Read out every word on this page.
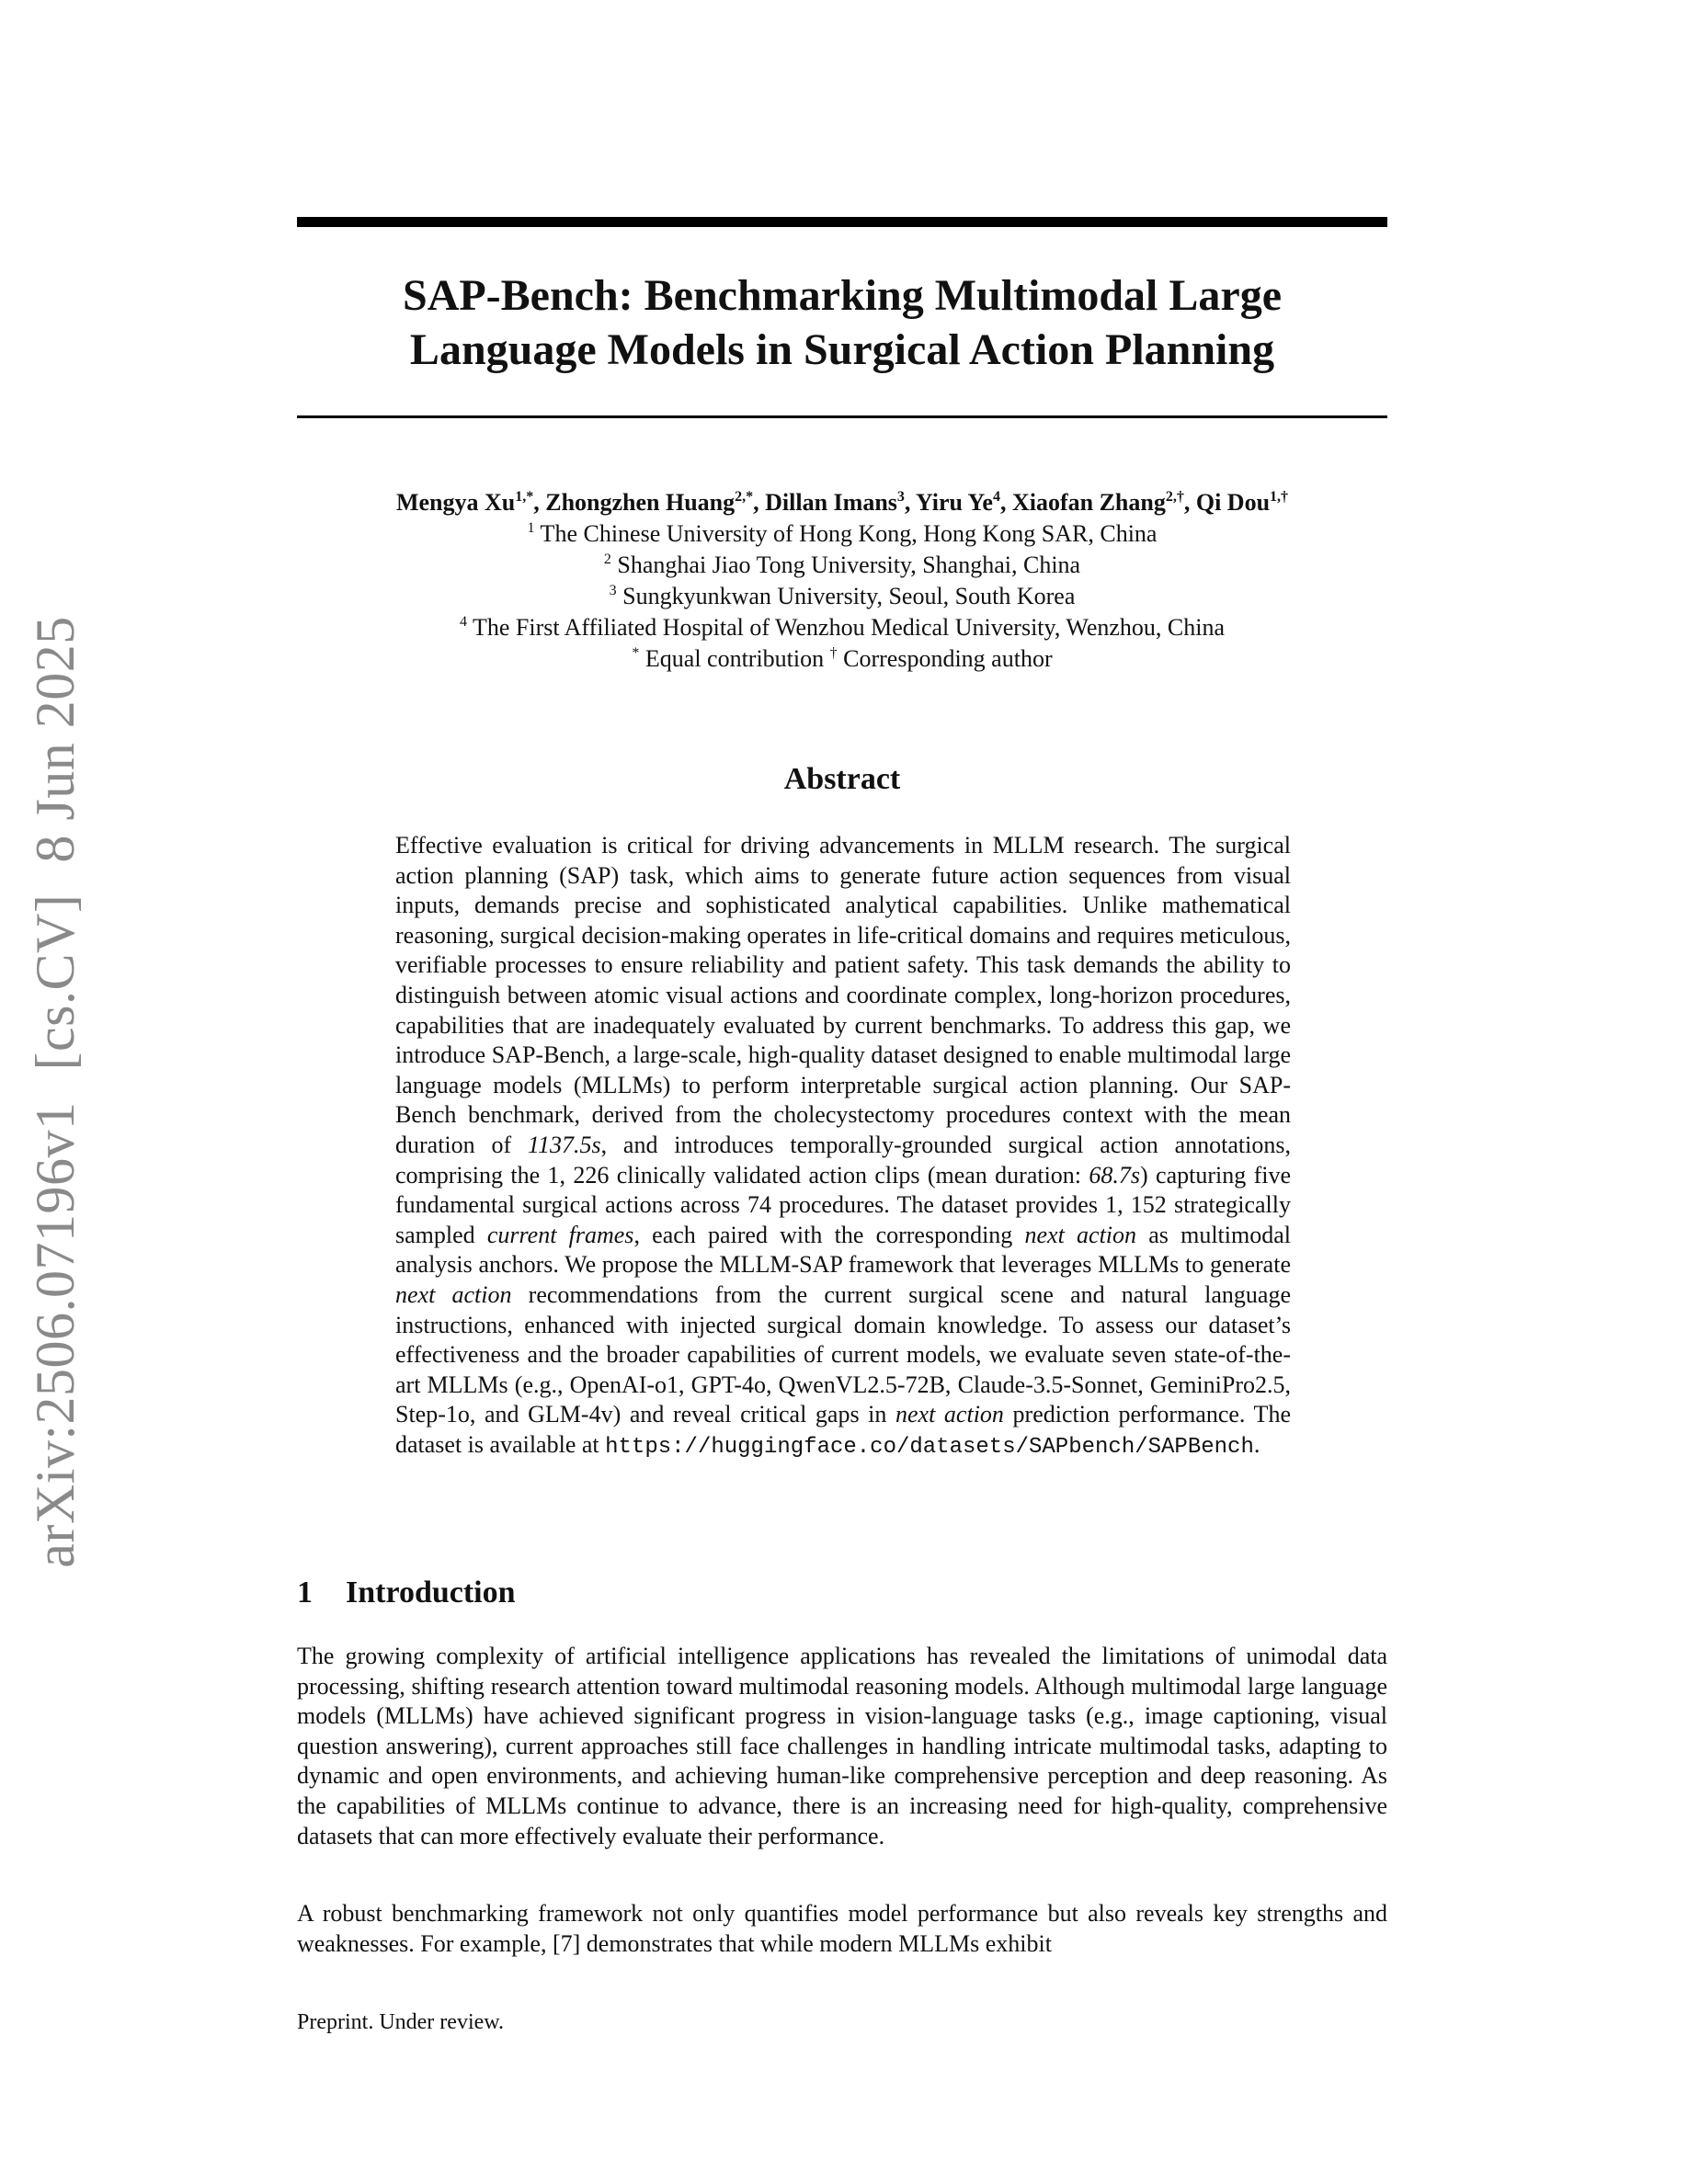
arXiv:2506.07196v1[cs.CV]8 Jun 2025
SAP-Bench: Benchmarking Multimodal Large
Language Models in Surgical Action Planning
Mengya $Xu^{1,*}$, Zhongzhen Huang$^{2,*}$, Dillan Imans$^3$, Yiru Ye$^4$, Xiaofan Zhang$^{2,\dagger}$, Qi Dou$^{1,\dagger}$
$^1$ The Chinese University of Hong Kong, Hong Kong SAR, China
$^2$ Shanghai Jiao Tong University, Shanghai, China
$^3$ Sungkyunkwan University, Seoul, South Korea
$^4$ The First Affiliated Hospital of Wenzhou Medical University, Wenzhou, China
* Equal contribution † Corresponding author
Abstract

Effective evaluation is critical for driving advancements in MLLM research. The surgical action planning (SAP) task, which aims to generate future action sequences from visual inputs, demands precise and sophisticated analytical capabilities. Unlike mathematical reasoning, surgical decision-making operates in life-critical domains and requires meticulous, verifiable processes to ensure reliability and patient safety. This task demands the ability to distinguish between atomic visual actions and coordinate complex, long-horizon procedures, capabilities that are inadequately evaluated by current benchmarks. To address this gap, we introduce SAP-Bench, a large-scale, high-quality dataset designed to enable multimodal large language models (MLLMs) to perform interpretable surgical action planning. Our SAP-Bench benchmark, derived from the cholecystectomy procedures context with the mean duration of 1137.5s, and introduces temporally-grounded surgical action annotations, comprising the 1, 226 clinically validated action clips (mean duration: 68.7s) capturing five fundamental surgical actions across 74 procedures. The dataset provides 1, 152 strategically sampled current frames, each paired with the corresponding next action as multimodal analysis anchors. We propose the MLLM-SAP framework that leverages MLLMs to generate next action recommendations from the current surgical scene and natural language instructions, enhanced with injected surgical domain knowledge. To assess our dataset’s effectiveness and the broader capabilities of current models, we evaluate seven state-of-the-art MLLMs (e.g., OpenAI-o1, GPT-4o, QwenVL2.5-72B, Claude-3.5-Sonnet, GeminiPro2.5, Step-1o, and GLM-4v) and reveal critical gaps in next action prediction performance. The dataset is available at https://huggingface.co/datasets/SAPbench/SAPBench.

1 Introduction

The growing complexity of artificial intelligence applications has revealed the limitations of unimodal data processing, shifting research attention toward multimodal reasoning models. Although multimodal large language models (MLLMs) have achieved significant progress in vision-language tasks (e.g., image captioning, visual question answering), current approaches still face challenges in handling intricate multimodal tasks, adapting to dynamic and open environments, and achieving human-like comprehensive perception and deep reasoning. As the capabilities of MLLMs continue to advance, there is an increasing need for high-quality, comprehensive datasets that can more effectively evaluate their performance.

A robust benchmarking framework not only quantifies model performance but also reveals key strengths and weaknesses. For example, [7] demonstrates that while modern MLLMs exhibit

Preprint. Under review.
